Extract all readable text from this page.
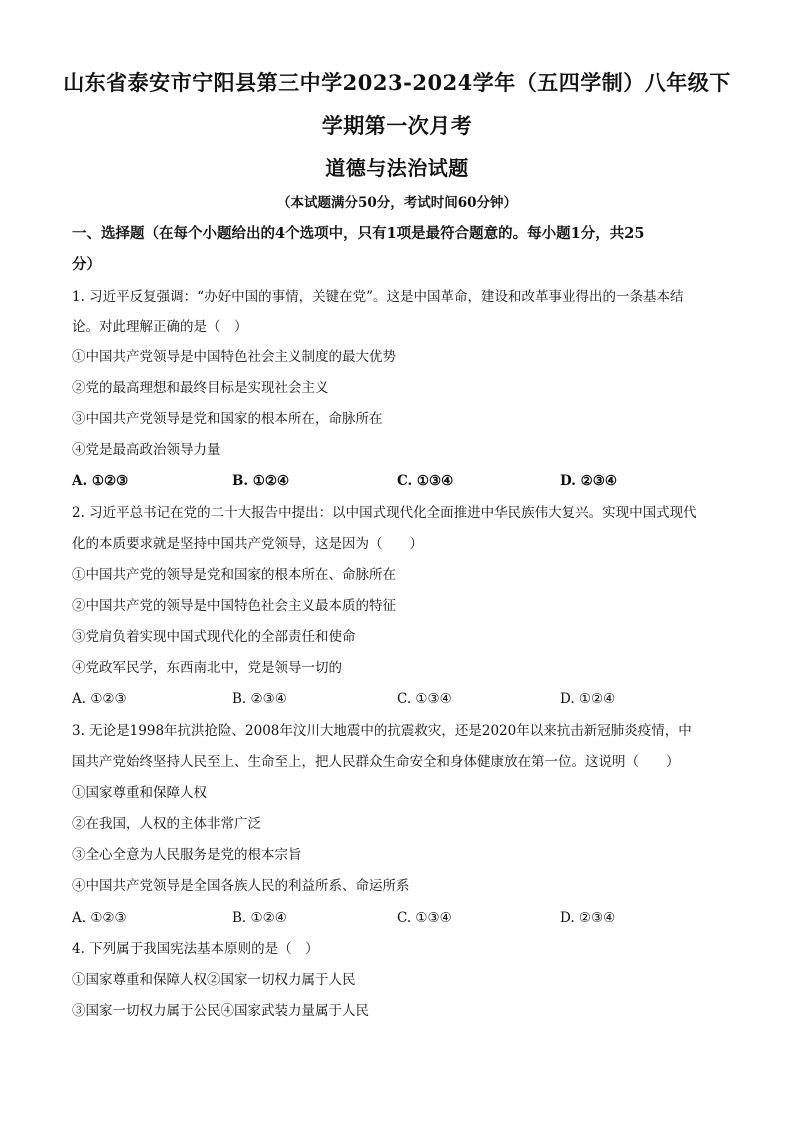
山东省泰安市宁阳县第三中学2023-2024学年（五四学制）八年级下
学期第一次月考
道德与法治试题
（本试题满分50分，考试时间60分钟）
一、选择题（在每个小题给出的4个选项中，只有1项是最符合题意的。每小题1分，共25
分）
1. 习近平反复强调：“办好中国的事情，关键在党”。这是中国革命，建设和改革事业得出的一条基本结
论。对此理解正确的是（　）
①中国共产党领导是中国特色社会主义制度的最大优势
②党的最高理想和最终目标是实现社会主义
③中国共产党领导是党和国家的根本所在，命脉所在
④党是最高政治领导力量
A. ①②③	B. ①②④	C. ①③④	D. ②③④
2. 习近平总书记在党的二十大报告中提出：以中国式现代化全面推进中华民族伟大复兴。实现中国式现代
化的本质要求就是坚持中国共产党领导，这是因为（　　）
①中国共产党的领导是党和国家的根本所在、命脉所在
②中国共产党的领导是中国特色社会主义最本质的特征
③党肩负着实现中国式现代化的全部责任和使命
④党政军民学，东西南北中，党是领导一切的
A. ①②③	B. ②③④	C. ①③④	D. ①②④
3. 无论是1998年抗洪抢险、2008年汶川大地震中的抗震救灾，还是2020年以来抗击新冠肺炎疫情，中
国共产党始终坚持人民至上、生命至上，把人民群众生命安全和身体健康放在第一位。这说明（　　）
①国家尊重和保障人权
②在我国，人权的主体非常广泛
③全心全意为人民服务是党的根本宗旨
④中国共产党领导是全国各族人民的利益所系、命运所系
A. ①②③	B. ①②④	C. ①③④	D. ②③④
4. 下列属于我国宪法基本原则的是（　）
①国家尊重和保障人权②国家一切权力属于人民
③国家一切权力属于公民④国家武装力量属于人民
